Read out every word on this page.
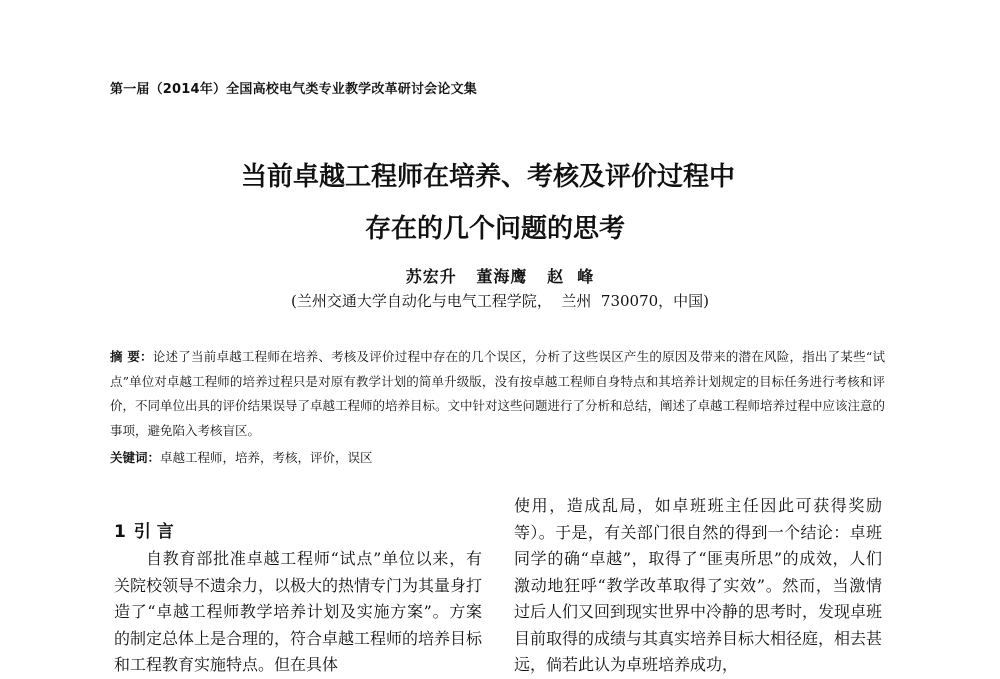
第一届（2014年）全国高校电气类专业教学改革研讨会论文集
当前卓越工程师在培养、考核及评价过程中
存在的几个问题的思考
苏宏升   董海鹰   赵  峰
(兰州交通大学自动化与电气工程学院，  兰州  730070，中国)
摘 要：论述了当前卓越工程师在培养、考核及评价过程中存在的几个误区，分析了这些误区产生的原因及带来的潜在风险，指出了某些“试点”单位对卓越工程师的培养过程只是对原有教学计划的简单升级版，没有按卓越工程师自身特点和其培养计划规定的目标任务进行考核和评价，不同单位出具的评价结果误导了卓越工程师的培养目标。文中针对这些问题进行了分析和总结，阐述了卓越工程师培养过程中应该注意的事项，避免陷入考核盲区。
关键词：卓越工程师，培养，考核，评价，误区
1 引 言

自教育部批准卓越工程师“试点”单位以来，有关院校领导不遗余力，以极大的热情专门为其量身打造了“卓越工程师教学培养计划及实施方案”。方案的制定总体上是合理的，符合卓越工程师的培养目标和工程教育实施特点。但在具体

使用，造成乱局，如卓班班主任因此可获得奖励等）。于是，有关部门很自然的得到一个结论：卓班同学的确“卓越”，取得了“匪夷所思”的成效，人们激动地狂呼“教学改革取得了实效”。然而，当激情过后人们又回到现实世界中冷静的思考时，发现卓班目前取得的成绩与其真实培养目标大相径庭，相去甚远，倘若此认为卓班培养成功，
